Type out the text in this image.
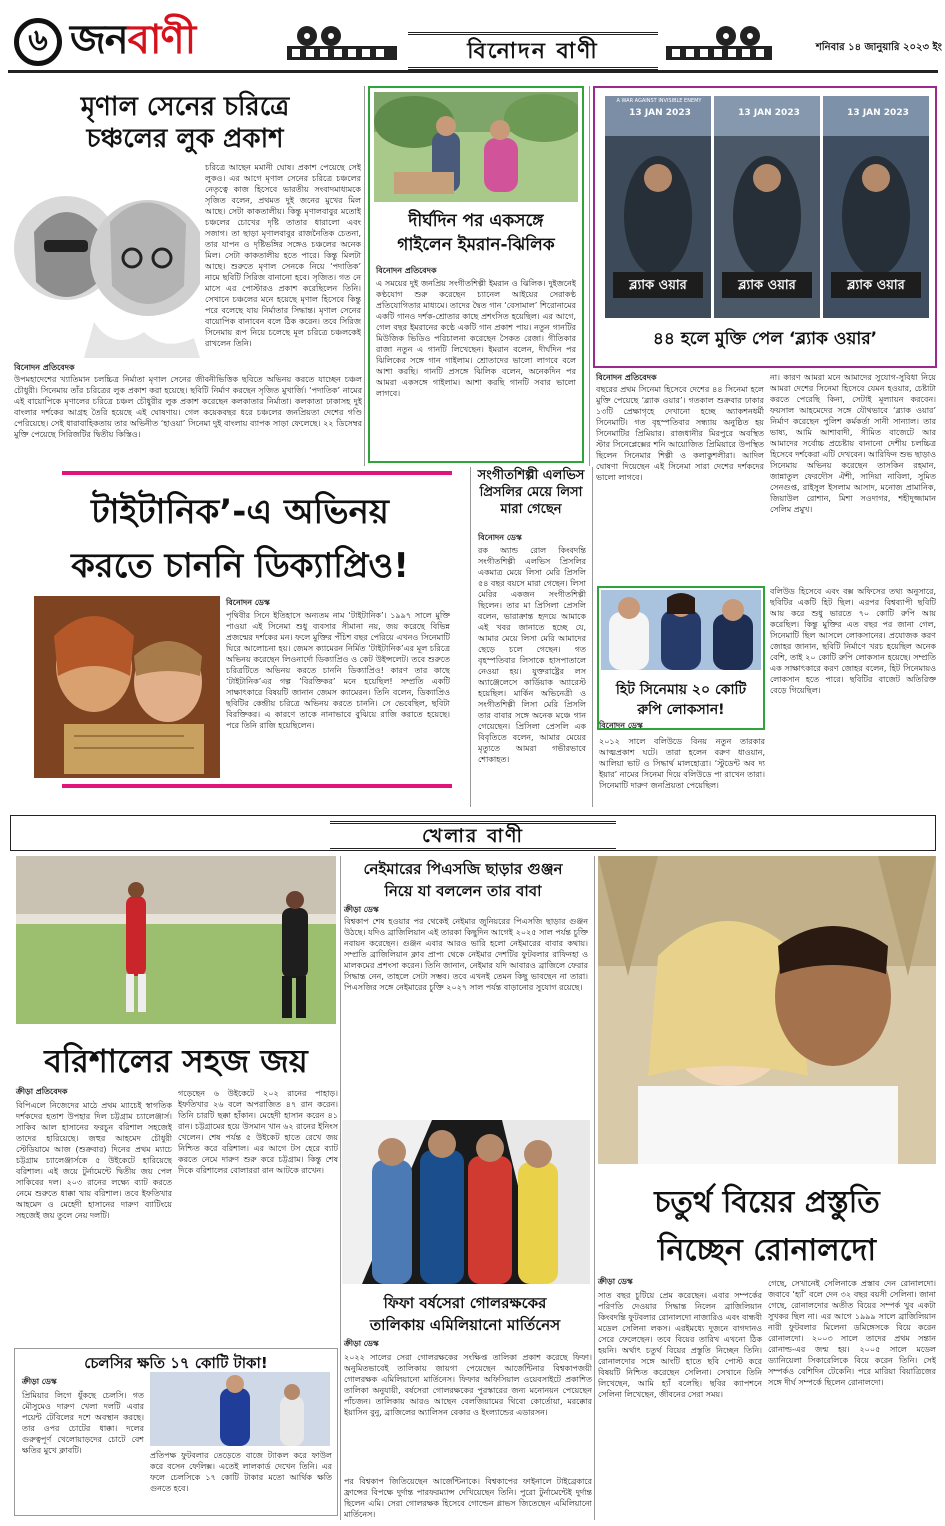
৬ জনবাণী	বিনোদন বাণী	শনিবার ১৪ জানুয়ারি ২০২৩ ইং
মৃণাল সেনের চরিত্রে
চঞ্চলের লুক প্রকাশ
চরিত্রে আছেন মমানী ঘোষ। প্রকাশ পেয়েছে সেই লুকও। এর আগে মৃণাল সেনের চরিত্রে চঞ্চলের নেতৃত্বে কাজ হিসেবে ভারতীয় সংবাদমাধ্যমকে সৃজিত বলেন, প্রথমত দুই জনের মুখের মিল আছে। সেটা কাকতালীয়। কিন্তু মৃণালবাবুর মতোই চঞ্চলের চোখের দৃষ্টি তাতার ধারালো এবং সজাগ। তা ছাড়া মৃণালবাবুর রাজনৈতিক চেতনা, তার যাপন ও দৃষ্টিভঙ্গির সঙ্গেও চঞ্চলের অনেক মিল। সেটা কাকতালীয় হতে পারে। কিন্তু মিলটা আছে। শুরুতে মৃণাল সেনকে নিয়ে ‘পদাতিক’ নামে ছবিটি সিরিজ বানানো হবে। সৃজিত। গত নে মাসে এর পোস্টারও প্রকাশ করেছিলেন তিনি। সেখানে চঞ্চলের মনে হয়েছে মৃণাল হিসেবে কিন্তু পরে বলেছে যায় নির্মাতার সিদ্ধান্ত। মৃণাল সেনের বায়োপিক বানাবেন বলে ঠিক করেন। তবে সিরিজ সিনেমায় রূপ নিয়ে চলেছে মূল চরিত্রে চঞ্চলকেই রাখলেন তিনি।
বিনোদন প্রতিবেদক
উপমহাদেশের খ্যাতিমান চলচ্চিত্র নির্মাতা মৃণাল সেনের জীবনীভিত্তিক ছবিতে অভিনয় করতে যাচ্ছেন চঞ্চল চৌধুরী। সিনেমায় তাঁর চরিত্রের লুক প্রকাশ করা হয়েছে। ছবিটি নির্মাণ করছেন সৃজিত মুখার্জি। ‘পদাতিক’ নামের এই বায়োপিকে মৃণালের চরিত্রে চঞ্চল চৌধুরীর লুক প্রকাশ করেছেন কলকাতার নির্মাতা। কলকাতা ঢাকাসহ দুই বাংলার দর্শকের আগ্রহ তৈরি হয়েছে এই ঘোষণায়। গেল কয়েকবছর ধরে চঞ্চলের জনপ্রিয়তা দেশের গণ্ডি পেরিয়েছে। সেই ধারাবাহিকতায় তার অভিনীত ‘হাওয়া’ সিনেমা দুই বাংলায় ব্যাপক সাড়া ফেলেছে। ২২ ডিসেম্বর মুক্তি পেয়েছে সিরিজটির দ্বিতীয় কিস্তিও।
দীর্ঘদিন পর একসঙ্গে
গাইলেন ইমরান-ঝিলিক
বিনোদন প্রতিবেদক
এ সময়ের দুই জনপ্রিয় সংগীতশিল্পী ইমরান ও ঝিলিক। দুইজনেই কণ্ঠযোগ শুরু করেছেন চ্যানেল আইয়ের সেরাকণ্ঠ প্রতিযোগিতার মাধ্যমে। তাদের দ্বৈত গান ‘বেসামাল’ শিরোনামের একটি গানও দর্শক-শ্রোতার কাছে প্রশংসিত হয়েছিল। এর আগে, গেল বছর ইমরানের কণ্ঠে একটি গান প্রকাশ পায়। নতুন গানটির মিউজিক ভিডিও পরিচালনা করেছেন সৈকত রেজা। গীতিকার রাজা নতুন এ গানটি লিখেছেন। ইমরান বলেন, দীর্ঘদিন পর ঝিলিকের সঙ্গে গান গাইলাম। শ্রোতাদের ভালো লাগবে বলে আশা করছি। গানটি প্রসঙ্গে ঝিলিক বলেন, অনেকদিন পর আমরা একসঙ্গে গাইলাম। আশা করছি গানটি সবার ভালো লাগবে।
A WAR AGAINST INVISIBLE ENEMY
13 JAN 2023	13 JAN 2023	13 JAN 2023
ব্ল্যাক ওয়ার	ব্ল্যাক ওয়ার	ব্ল্যাক ওয়ার
৪৪ হলে মুক্তি পেল ‘ব্ল্যাক ওয়ার’
বিনোদন প্রতিবেদক
বছরের প্রথম সিনেমা হিসেবে দেশের ৪৪ সিনেমা হলে মুক্তি পেয়েছে ‘ব্ল্যাক ওয়ার’। গতকাল শুক্রবার ঢাকার ১৩টি প্রেক্ষাগৃহে দেখানো হচ্ছে অ্যাকশনধর্মী সিনেমাটি। গত বৃহস্পতিবার সন্ধ্যায় অনুষ্ঠিত হয় সিনেমাটির প্রিমিয়ার। রাজধানীর মিরপুরে অবস্থিত স্টার সিনেপ্লেক্সের শনি আয়োজিত প্রিমিয়ারে উপস্থিত ছিলেন সিনেমার শিল্পী ও কলাকুশলীরা। আদিল ঘোষণা দিয়েছেন এই সিনেমা সারা দেশের দর্শকদের ভালো লাগবে।
না। কারণ আমরা মনে আমাদের সুযোগ-সুবিধা নিয়ে আমরা দেশের সিনেমা হিসেবে যেমন হওয়ার, চেষ্টাটা করতে পেরেছি কিনা, সেটাই মূল্যায়ন করবেন। ফয়সাল আহমেদের সঙ্গে যৌথভাবে ‘ব্ল্যাক ওয়ার’ নির্মাণ করেছেন পুলিশ কর্মকর্তা সানী সান্যাল। তার ভাষ্য, আমি আশাবাদী, সীমিত বাজেটে আর আমাদের সর্বোচ্চ প্রচেষ্টায় বানানো দেশীয় চলচ্চিত্র হিসেবে দর্শকেরা এটি দেখবেন। আরিফিন শুভ ছাড়াও সিনেমায় অভিনয় করেছেন তাসকিন রহমান, জান্নাতুল ফেরদৌস ঐশী, সাদিয়া নাবিলা, সুমিত সেনগুপ্ত, রাইসুল ইসলাম আসাদ, মনোজ প্রামানিক, জিয়াউল রোশান, মিশা সওদাগর, শহীদুজ্জামান সেলিম প্রমুখ।
টাইটানিক’-এ অভিনয়
করতে চাননি ডিক্যাপ্রিও!
বিনোদন ডেস্ক
পৃথিবীর সিনে ইতিহাসে অন্যতম নাম ‘টাইটানিক’। ১৯৯৭ সালে মুক্তি পাওয়া এই সিনেমা শুধু ব্যবসার সীমানা নয়, জয় করেছে বিভিন্ন প্রজন্মের দর্শকের মন। ফলে মুক্তির পঁচিশ বছর পেরিয়ে এখনও সিনেমাটি ঘিরে আলোচনা হয়। জেমস ক্যামেরন নির্মিত ‘টাইটানিক’এর মূল চরিত্রে অভিনয় করেছেন লিওনার্দো ডিক্যাপ্রিও ও কেট উইন্সলেট। তবে শুরুতে চরিত্রটিতে অভিনয় করতে চাননি ডিক্যাপ্রিও! কারণ তার কাছে ‘টাইটানিক’এর গল্প ‘বিরক্তিকর’ মনে হয়েছিল! সম্প্রতি একটি সাক্ষাৎকারে বিষয়টি জানান জেমস ক্যামেরন। তিনি বলেন, ডিক্যাপ্রিও ছবিটির কেন্দ্রীয় চরিত্রে অভিনয় করতে চাননি। সে ভেবেছিল, ছবিটা বিরক্তিকর। এ কারণে তাকে নানাভাবে বুঝিয়ে রাজি করাতে হয়েছে। পরে তিনি রাজি হয়েছিলেন।
সংগীতশিল্পী এলভিস প্রিসলির মেয়ে লিসা মারা গেছেন
বিনোদন ডেস্ক
রক অ্যান্ড রোল কিংবদন্তি সংগীতশিল্পী এলভিস প্রিসলির একমাত্র মেয়ে লিসা মেরি প্রিসলি ৫৪ বছর বয়সে মারা গেছেন। লিসা মেরির একজন সংগীতশিল্পী ছিলেন। তার মা প্রিসিলা প্রেসলি বলেন, ভারাক্রান্ত হৃদয়ে আমাকে এই খবর জানাতে হচ্ছে যে, আমার মেয়ে লিসা মেরি আমাদের ছেড়ে চলে গেছেন। গত বৃহস্পতিবার লিসাকে হাসপাতালে নেওয়া হয়। যুক্তরাষ্ট্রের লস অ্যাঞ্জেলেসে কার্ডিয়াক অ্যারেস্ট হয়েছিল। মার্কিন অভিনেত্রী ও সংগীতশিল্পী লিসা মেরি প্রিসলি তার বাবার সঙ্গে অনেক মঞ্চে গান গেয়েছেন। প্রিসিলা প্রেসলি এক বিবৃতিতে বলেন, আমার মেয়ের মৃত্যুতে আমরা গভীরভাবে শোকাহত।
হিট সিনেমায় ২০ কোটি
রুপি লোকসান!
বিনোদন ডেস্ক
২০১২ সালে বলিউডে বিনয় নতুন তারকার আত্মপ্রকাশ ঘটে। তারা হলেন বরুণ ধাওয়ান, আলিয়া ভাট ও সিদ্ধার্থ মালহোত্রা। ‘স্টুডেন্ট অব দ্য ইয়ার’ নামের সিনেমা দিয়ে বলিউডে পা রাখেন তারা। সিনেমাটি দারুণ জনপ্রিয়তা পেয়েছিল।
বলিউড হিসেবে এবং বক্স অফিসের তথ্য অনুসারে, ছবিটির একটি হিট ছিল। এরপর বিশ্বব্যাপী ছবিটি আয় করে শুধু ভারতে ৭০ কোটি রুপি আয় করেছিল। কিন্তু মুক্তির এত বছর পর জানা গেল, সিনেমাটি ছিল আসলে লোকসানের। প্রযোজক করণ জোহর জানান, ছবিটি নির্মাণে খরচ হয়েছিল অনেক বেশি, তাই ২০ কোটি রুপি লোকসান হয়েছে। সম্প্রতি এক সাক্ষাৎকারে করণ জোহর বলেন, হিট সিনেমায়ও লোকসান হতে পারে। ছবিটির বাজেট অতিরিক্ত বেড়ে গিয়েছিল।
খেলার বাণী
বরিশালের সহজ জয়
ক্রীড়া প্রতিবেদক
বিপিএলে নিজেদের মাঠে প্রথম ম্যাচেই স্বাগতিক দর্শকদের হতাশ উপহার দিল চট্টগ্রাম চ্যালেঞ্জার্স। সাকিব আল হাসানের ফরচুন বরিশাল সহজেই তাদের হারিয়েছে। জহুর আহমেদ চৌধুরী স্টেডিয়ামে আজ (শুক্রবার) দিনের প্রথম ম্যাচে চট্টগ্রাম চ্যালেঞ্জার্সকে ৫ উইকেটে হারিয়েছে বরিশাল। এই জয়ে টুর্নামেন্টে দ্বিতীয় জয় পেল সাকিবের দল। ২০৩ রানের লক্ষ্যে ব্যাট করতে নেমে শুরুতে ধাক্কা খায় বরিশাল। তবে ইফতিখার আহমেদ ও মেহেদী হাসানের দারুণ ব্যাটিংয়ে সহজেই জয় তুলে নেয় দলটি।
গড়েছেন ৬ উইকেটে ২০২ রানের পাহাড়। ইফতিখার ২৬ বলে অপরাজিত ৪৭ রান করেন। তিনি চারটি ছক্কা হাঁকান। মেহেদী হাসান করেন ৪১ রান। চট্টগ্রামের হয়ে উসমান খান ৬২ রানের ইনিংস খেলেন। শেষ পর্যন্ত ৫ উইকেট হাতে রেখে জয় নিশ্চিত করে বরিশাল। এর আগে টস হেরে ব্যাট করতে নেমে দারুণ শুরু করে চট্টগ্রাম। কিন্তু শেষ দিকে বরিশালের বোলাররা রান আটকে রাখেন।
নেইমারের পিএসজি ছাড়ার গুঞ্জন
নিয়ে যা বললেন তার বাবা
ক্রীড়া ডেস্ক
বিশ্বকাপ শেষ হওয়ার পর থেকেই নেইমার জুনিয়রের পিএসজি ছাড়ার গুঞ্জন উঠছে। যদিও ব্রাজিলিয়ান এই তারকা কিছুদিন আগেই ২০২৫ সাল পর্যন্ত চুক্তি নবায়ন করেছেন। গুঞ্জন এবার আরও ভারি হলো নেইমারের বাবার কথায়। সম্প্রতি ব্রাজিলিয়ান ক্লাব প্রাপ্য থেকে নেইমার দেশটির ফুটবলার রাফিনহা ও মালকমের প্রশংসা করেন। তিনি জানান, নেইমার যদি আবারও ব্রাজিলে ফেরার সিদ্ধান্ত নেন, তাহলে সেটা সম্ভব। তবে এখনই তেমন কিছু ভাবছেন না তারা। পিএসজির সঙ্গে নেইমারের চুক্তি ২০২৭ সাল পর্যন্ত বাড়ানোর সুযোগ রয়েছে।
ফিফা বর্ষসেরা গোলরক্ষকের
তালিকায় এমিলিয়ানো মার্তিনেস
ক্রীড়া ডেস্ক
২০২২ সালের সেরা গোলরক্ষকের সংক্ষিপ্ত তালিকা প্রকাশ করেছে ফিফা। অনুমিতভাবেই তালিকায় জায়গা পেয়েছেন আর্জেন্টিনার বিশ্বকাপজয়ী গোলরক্ষক এমিলিয়ানো মার্তিনেস। ফিফার অফিসিয়াল ওয়েবসাইটে প্রকাশিত তালিকা অনুযায়ী, বর্ষসেরা গোলরক্ষকের পুরস্কারের জন্য মনোনয়ন পেয়েছেন পাঁচজন। তালিকায় আরও আছেন বেলজিয়ামের থিবো কোর্তোয়া, মরক্কোর ইয়াসিন বুনু, ব্রাজিলের অ্যালিসন বেকার ও ইংল্যান্ডের এডারসন।
পর বিশ্বকাপ জিতিয়েছেন আর্জেন্টিনাকে। বিশ্বকাপের ফাইনালে টাইব্রেকারে ফ্রান্সের বিপক্ষে দুর্দান্ত পারফরম্যান্স দেখিয়েছেন তিনি। পুরো টুর্নামেন্টেই দুর্দান্ত ছিলেন এমি। সেরা গোলরক্ষক হিসেবে গোল্ডেন গ্লাভস জিতেছেন এমিলিয়ানো মার্তিনেস।
চতুর্থ বিয়ের প্রস্তুতি
নিচ্ছেন রোনালদো
ক্রীড়া ডেস্ক
সাত বছর চুটিয়ে প্রেম করেছেন। এবার সম্পর্কের পরিণতি দেওয়ার সিদ্ধান্ত নিলেন ব্রাজিলিয়ান কিংবদন্তি ফুটবলার রোনালদো নাজারিও এবং বান্ধবী মডেল সেলিনা লকস। এরইমধ্যে দুজনে বাগদানও সেরে ফেলেছেন। তবে বিয়ের তারিখ এখনো ঠিক হয়নি। অর্থাৎ চতুর্থ বিয়ের প্রস্তুতি নিচ্ছেন তিনি। রোনালদোর সঙ্গে আংটি হাতে ছবি পোস্ট করে বিষয়টি নিশ্চিত করেছেন সেলিনা। সেখানে তিনি লিখেছেন, আমি হ্যাঁ বলেছি। ছবির ক্যাপশনে সেলিনা লিখেছেন, জীবনের সেরা সময়।
গেছে, সেখানেই সেলিনাকে প্রস্তাব দেন রোনালদো। জবাবে ‘হ্যাঁ’ বলে দেন ৩২ বছর বয়সী সেলিনা। জানা গেছে, রোনালদোর অতীত বিয়ের সম্পর্ক খুব একটা সুখকর ছিল না। এর আগে ১৯৯৯ সালে ব্রাজিলিয়ান নারী ফুটবলার মিলেনা ডমিঙ্গেসকে বিয়ে করেন রোনালদো। ২০০৩ সালে তাদের প্রথম সন্তান রোনাল্ড-এর জন্ম হয়। ২০০৫ সালে মডেল ড্যানিয়েলা সিকারেলিকে বিয়ে করেন তিনি। সেই সম্পর্কও বেশিদিন টেকেনি। পরে মারিয়া বিয়াত্রিজের সঙ্গে দীর্ঘ সম্পর্কে ছিলেন রোনালদো।
চেলসির ক্ষতি ১৭ কোটি টাকা!
ক্রীড়া ডেস্ক
প্রিমিয়ার লিগে ধুঁকছে চেলসি। গত মৌসুমেও দারুণ খেলা দলটি এবার পয়েন্ট টেবিলের দশে অবস্থান করছে। তার ওপর চোটের ধাক্কা। দলের গুরুত্বপূর্ণ খেলোয়াড়দের চোটে বেশ ক্ষতির মুখে ক্লাবটি।
প্রতিপক্ষ ফুটবলার তেড়েতে বাজে ট্যাকল করে ফাউল করে বসেন ফেলিক্স। এতেই লালকার্ড দেখেন তিনি। এর ফলে চেলসিকে ১৭ কোটি টাকার মতো আর্থিক ক্ষতি গুনতে হবে।
